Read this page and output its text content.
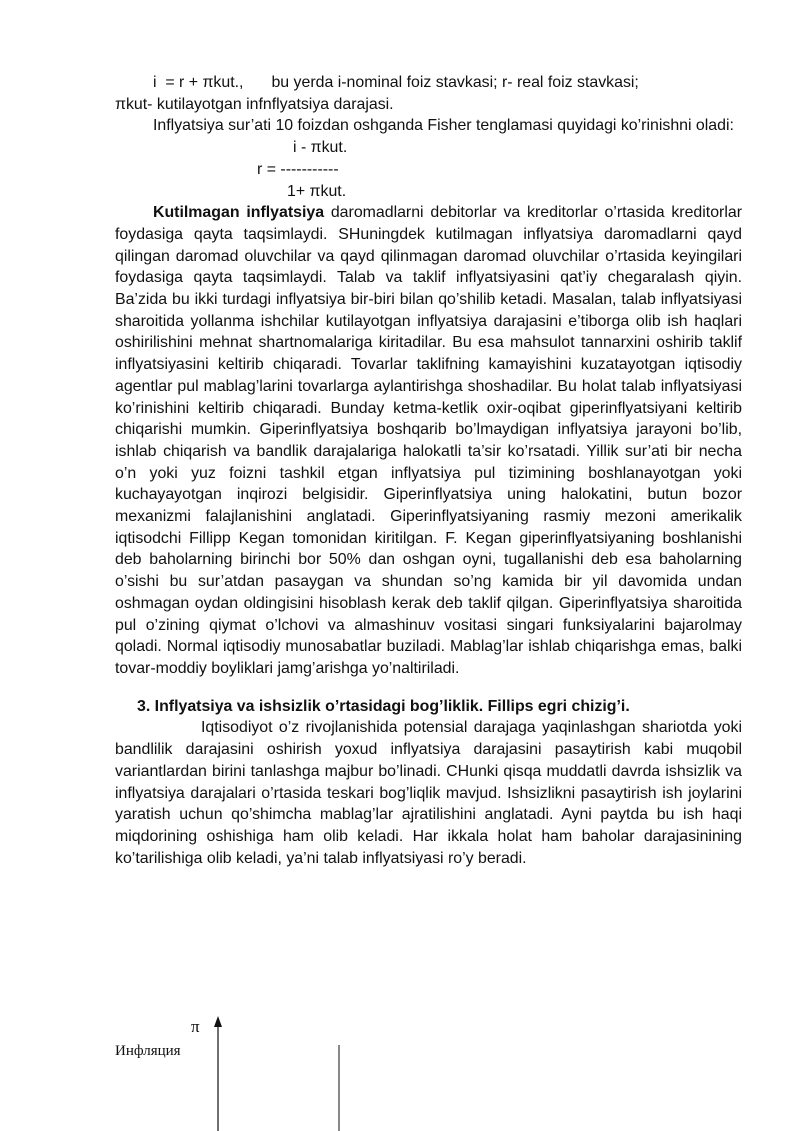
i  = r + πkut.,	bu yerda i-nominal foiz stavkasi; r- real foiz stavkasi;

πkut- kutilayotgan infnflyatsiya darajasi.

Inflyatsiya sur’ati 10 foizdan oshganda Fisher tenglamasi quyidagi ko’rinishni oladi:

i - πkut.

r = -----------

1+ πkut.

Kutilmagan inflyatsiya daromadlarni debitorlar va kreditorlar o’rtasida kreditorlar foydasiga qayta taqsimlaydi. SHuningdek kutilmagan inflyatsiya daromadlarni qayd qilingan daromad oluvchilar va qayd qilinmagan daromad oluvchilar o’rtasida keyingilari foydasiga qayta taqsimlaydi. Talab va taklif inflyatsiyasini qat’iy chegaralash qiyin. Ba’zida bu ikki turdagi inflyatsiya bir-biri bilan qo’shilib ketadi. Masalan, talab inflyatsiyasi sharoitida yollanma ishchilar kutilayotgan inflyatsiya darajasini e’tiborga olib ish haqlari oshirilishini mehnat shartnomalariga kiritadilar. Bu esa mahsulot tannarxini oshirib taklif inflyatsiyasini keltirib chiqaradi. Tovarlar taklifning kamayishini kuzatayotgan iqtisodiy agentlar pul mablag’larini tovarlarga aylantirishga shoshadilar. Bu holat talab inflyatsiyasi ko’rinishini keltirib chiqaradi. Bunday ketma-ketlik oxir-oqibat giperinflyatsiyani keltirib chiqarishi mumkin. Giperinflyatsiya boshqarib bo’lmaydigan inflyatsiya jarayoni bo’lib, ishlab chiqarish va bandlik darajalariga halokatli ta’sir ko’rsatadi. Yillik sur’ati bir necha o’n yoki yuz foizni tashkil etgan inflyatsiya pul tizimining boshlanayotgan yoki kuchayayotgan inqirozi belgisidir. Giperinflyatsiya uning halokatini, butun bozor mexanizmi falajlanishini anglatadi. Giperinflyatsiyaning rasmiy mezoni amerikalik iqtisodchi Fillipp Kegan tomonidan kiritilgan. F. Kegan giperinflyatsiyaning boshlanishi deb baholarning birinchi bor 50% dan oshgan oyni, tugallanishi deb esa baholarning o’sishi bu sur’atdan pasaygan va shundan so’ng kamida bir yil davomida undan oshmagan oydan oldingisini hisoblash kerak deb taklif qilgan. Giperinflyatsiya sharoitida pul o’zining qiymat o’lchovi va almashinuv vositasi singari funksiyalarini bajarolmay qoladi. Normal iqtisodiy munosabatlar buziladi. Mablag’lar ishlab chiqarishga emas, balki tovar-moddiy boyliklari jamg’arishga yo’naltiriladi.

3. Inflyatsiya va ishsizlik o’rtasidagi bog’liklik. Fillips egri chizig’i.

Iqtisodiyot o’z rivojlanishida potensial darajaga yaqinlashgan shariotda yoki bandlilik darajasini oshirish yoxud inflyatsiya darajasini pasaytirish kabi muqobil variantlardan birini tanlashga majbur bo’linadi. CHunki qisqa muddatli davrda ishsizlik va inflyatsiya darajalari o’rtasida teskari bog’liqlik mavjud. Ishsizlikni pasaytirish ish joylarini yaratish uchun qo’shimcha mablag’lar ajratilishini anglatadi. Ayni paytda bu ish haqi miqdorining oshishiga ham olib keladi. Har ikkala holat ham baholar darajasinining ko’tarilishiga olib keladi, ya’ni talab inflyatsiyasi ro’y beradi.

π
Инфляция
